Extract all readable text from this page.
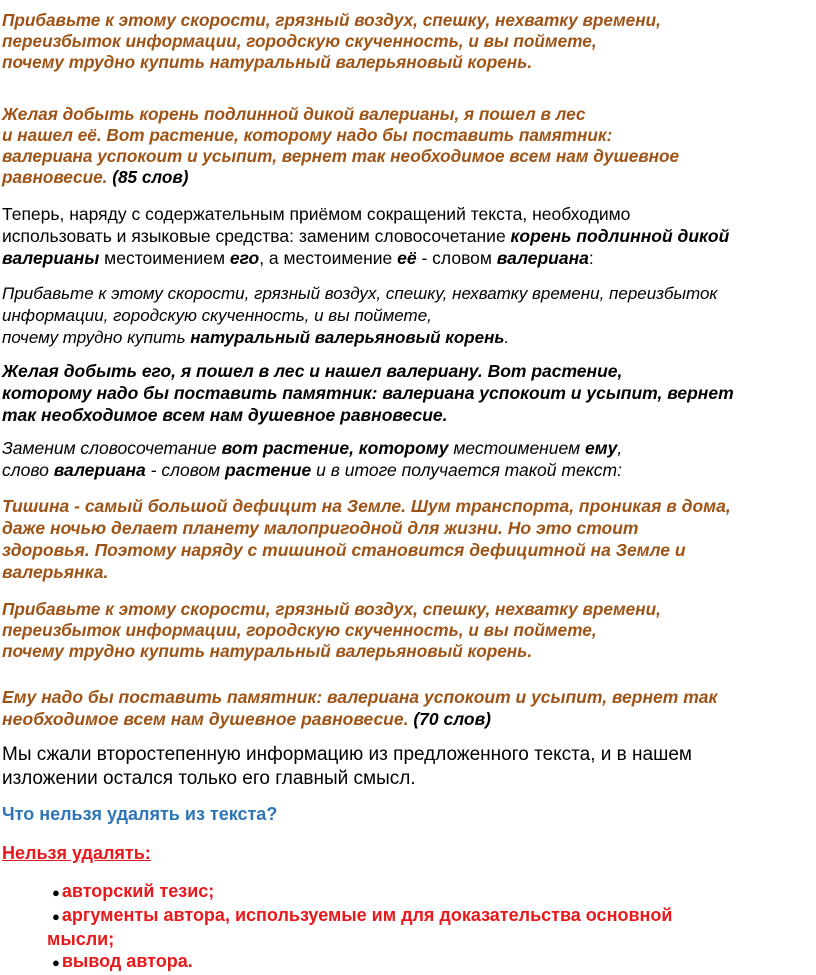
Прибавьте к этому скорости, грязный воздух, спешку, нехватку времени,
переизбыток информации, городскую скученность, и вы поймете,
почему трудно купить натуральный валерьяновый корень.
Желая добыть корень подлинной дикой валерианы, я пошел в лес
и нашел её. Вот растение, которому надо бы поставить памятник:
валериана успокоит и усыпит, вернет так необходимое всем нам душевное
равновесие. (85 слов)
Теперь, наряду с содержательным приёмом сокращений текста, необходимо
использовать и языковые средства: заменим словосочетание корень подлинной дикой
валерианы местоимением его, а местоимение её - словом валериана:
Прибавьте к этому скорости, грязный воздух, спешку, нехватку времени, переизбыток
информации, городскую скученность, и вы поймете,
почему трудно купить натуральный валерьяновый корень.
Желая добыть его, я пошел в лес и нашел валериану. Вот растение,
которому надо бы поставить памятник: валериана успокоит и усыпит, вернет
так необходимое всем нам душевное равновесие.
Заменим словосочетание вот растение, которому местоимением ему,
слово валериана - словом растение и в итоге получается такой текст:
Тишина - самый большой дефицит на Земле. Шум транспорта, проникая в дома,
даже ночью делает планету малопригодной для жизни. Но это стоит
здоровья. Поэтому наряду с тишиной становится дефицитной на Земле и
валерьянка.
Прибавьте к этому скорости, грязный воздух, спешку, нехватку времени,
переизбыток информации, городскую скученность, и вы поймете,
почему трудно купить натуральный валерьяновый корень.
Ему надо бы поставить памятник: валериана успокоит и усыпит, вернет так
необходимое всем нам душевное равновесие. (70 слов)
Мы сжали второстепенную информацию из предложенного текста, и в нашем
изложении остался только его главный смысл.
Что нельзя удалять из текста?
Нельзя удалять:
● авторский тезис;
● аргументы автора, используемые им для доказательства основной
мысли;
● вывод автора.
